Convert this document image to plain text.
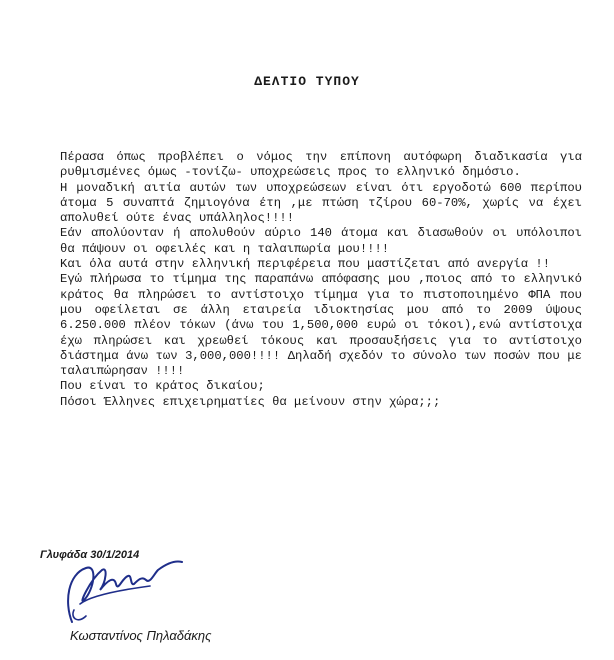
ΔΕΛΤΙΟ ΤΥΠΟΥ

Πέρασα όπως προβλέπει ο νόμος την επίπονη αυτόφωρη διαδικασία για ρυθμισμένες όμως -τονίζω- υποχρεώσεις προς το ελληνικό δημόσιο.

Η μοναδική αιτία αυτών των υποχρεώσεων είναι ότι εργοδοτώ 600 περίπου άτομα 5 συναπτά ζημιογόνα έτη ,με πτώση τζίρου 60-70%, χωρίς να έχει απολυθεί ούτε ένας υπάλληλος!!!!

Εάν απολύονταν ή απολυθούν αύριο 140 άτομα και διασωθούν οι υπόλοιποι θα πάψουν οι οφειλές και η ταλαιπωρία μου!!!!

Και όλα αυτά στην ελληνική περιφέρεια που μαστίζεται από ανεργία !!

Εγώ πλήρωσα το τίμημα της παραπάνω απόφασης μου ,ποιος από το ελληνικό κράτος θα πληρώσει το αντίστοιχο τίμημα για το πιστοποιημένο ΦΠΑ που μου οφείλεται σε άλλη εταιρεία ιδιοκτησίας μου από το 2009 ύψους 6.250.000 πλέον τόκων (άνω του 1,500,000 ευρώ οι τόκοι),ενώ αντίστοιχα έχω πληρώσει και χρεωθεί τόκους και προσαυξήσεις για το αντίστοιχο διάστημα άνω των 3,000,000!!!! Δηλαδή σχεδόν το σύνολο των ποσών που με ταλαιπώρησαν !!!!

Που είναι το κράτος δικαίου;

Πόσοι Έλληνες επιχειρηματίες θα μείνουν στην χώρα;;;

Γλυφάδα 30/1/2014
Κωσταντίνος Πηλαδάκης
